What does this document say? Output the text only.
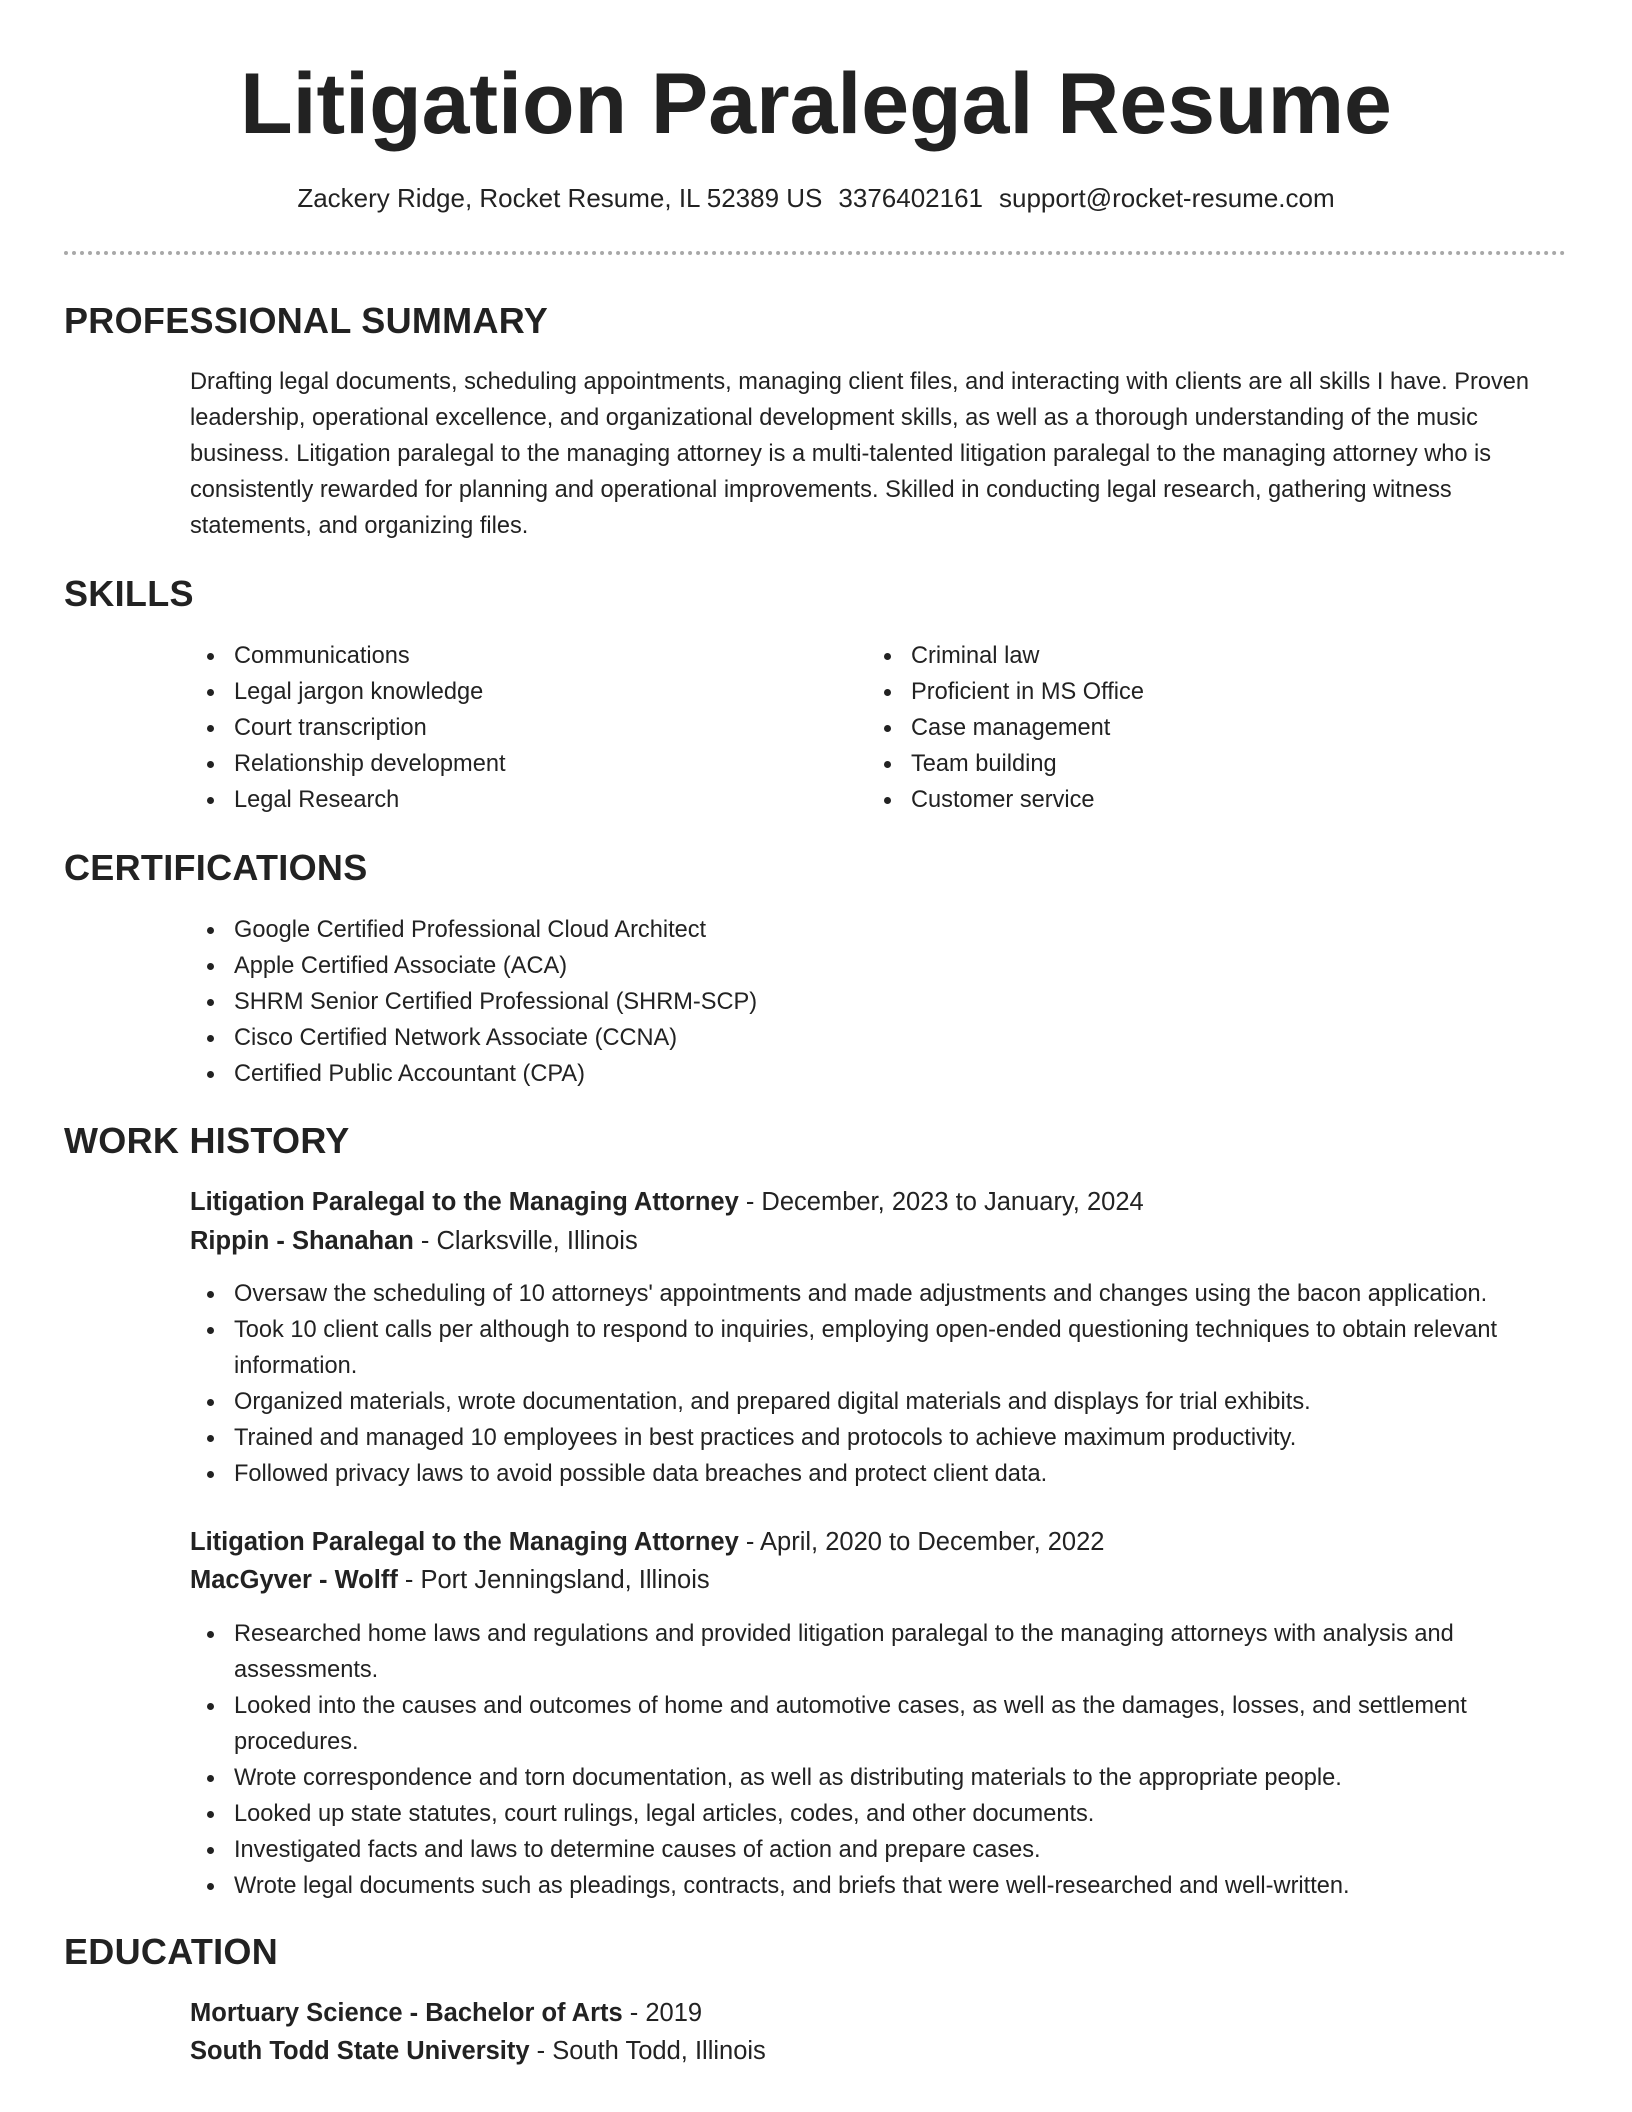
Litigation Paralegal Resume
Zackery Ridge, Rocket Resume, IL 52389 US 3376402161 support@rocket-resume.com
PROFESSIONAL SUMMARY

Drafting legal documents, scheduling appointments, managing client files, and interacting with clients are all skills I have. Proven leadership, operational excellence, and organizational development skills, as well as a thorough understanding of the music business. Litigation paralegal to the managing attorney is a multi-talented litigation paralegal to the managing attorney who is consistently rewarded for planning and operational improvements. Skilled in conducting legal research, gathering witness statements, and organizing files.

SKILLS
Communications
Legal jargon knowledge
Court transcription
Relationship development
Legal Research
Criminal law
Proficient in MS Office
Case management
Team building
Customer service
CERTIFICATIONS
Google Certified Professional Cloud Architect
Apple Certified Associate (ACA)
SHRM Senior Certified Professional (SHRM-SCP)
Cisco Certified Network Associate (CCNA)
Certified Public Accountant (CPA)
WORK HISTORY
Litigation Paralegal to the Managing Attorney - December, 2023 to January, 2024
Rippin - Shanahan - Clarksville, Illinois
Oversaw the scheduling of 10 attorneys' appointments and made adjustments and changes using the bacon application.
Took 10 client calls per although to respond to inquiries, employing open-ended questioning techniques to obtain relevant information.
Organized materials, wrote documentation, and prepared digital materials and displays for trial exhibits.
Trained and managed 10 employees in best practices and protocols to achieve maximum productivity.
Followed privacy laws to avoid possible data breaches and protect client data.
Litigation Paralegal to the Managing Attorney - April, 2020 to December, 2022
MacGyver - Wolff - Port Jenningsland, Illinois
Researched home laws and regulations and provided litigation paralegal to the managing attorneys with analysis and assessments.
Looked into the causes and outcomes of home and automotive cases, as well as the damages, losses, and settlement procedures.
Wrote correspondence and torn documentation, as well as distributing materials to the appropriate people.
Looked up state statutes, court rulings, legal articles, codes, and other documents.
Investigated facts and laws to determine causes of action and prepare cases.
Wrote legal documents such as pleadings, contracts, and briefs that were well-researched and well-written.
EDUCATION
Mortuary Science - Bachelor of Arts - 2019
South Todd State University - South Todd, Illinois
